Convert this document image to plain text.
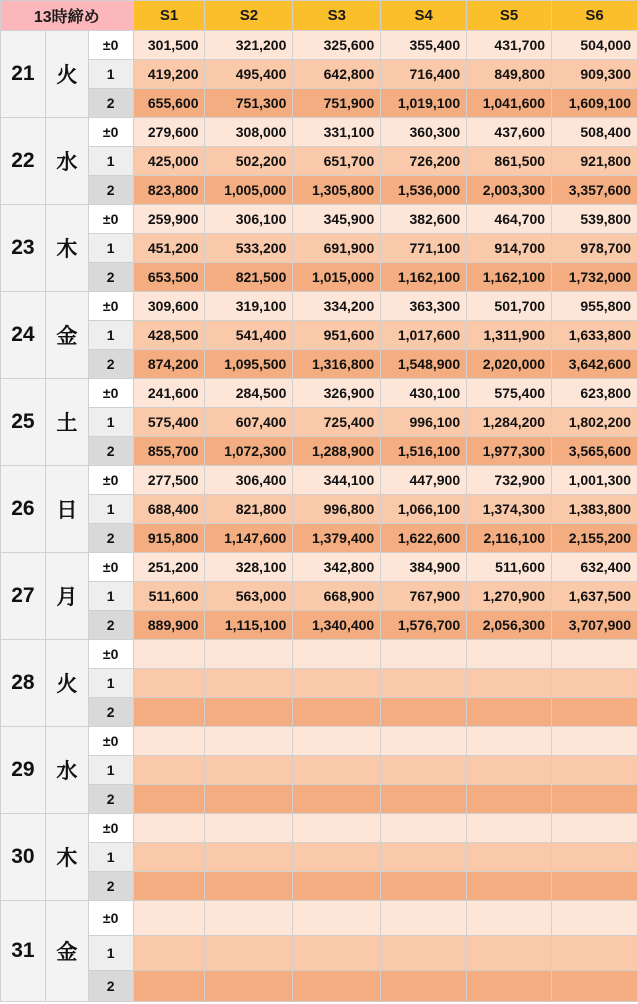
13時締め			S1	S2	S3	S4	S5	S6
21	火	±0	301,500	321,200	325,600	355,400	431,700	504,000
		1	419,200	495,400	642,800	716,400	849,800	909,300
		2	655,600	751,300	751,900	1,019,100	1,041,600	1,609,100
22	水	±0	279,600	308,000	331,100	360,300	437,600	508,400
		1	425,000	502,200	651,700	726,200	861,500	921,800
		2	823,800	1,005,000	1,305,800	1,536,000	2,003,300	3,357,600
23	木	±0	259,900	306,100	345,900	382,600	464,700	539,800
		1	451,200	533,200	691,900	771,100	914,700	978,700
		2	653,500	821,500	1,015,000	1,162,100	1,162,100	1,732,000
24	金	±0	309,600	319,100	334,200	363,300	501,700	955,800
		1	428,500	541,400	951,600	1,017,600	1,311,900	1,633,800
		2	874,200	1,095,500	1,316,800	1,548,900	2,020,000	3,642,600
25	土	±0	241,600	284,500	326,900	430,100	575,400	623,800
		1	575,400	607,400	725,400	996,100	1,284,200	1,802,200
		2	855,700	1,072,300	1,288,900	1,516,100	1,977,300	3,565,600
26	日	±0	277,500	306,400	344,100	447,900	732,900	1,001,300
		1	688,400	821,800	996,800	1,066,100	1,374,300	1,383,800
		2	915,800	1,147,600	1,379,400	1,622,600	2,116,100	2,155,200
27	月	±0	251,200	328,100	342,800	384,900	511,600	632,400
		1	511,600	563,000	668,900	767,900	1,270,900	1,637,500
		2	889,900	1,115,100	1,340,400	1,576,700	2,056,300	3,707,900
28	火	±0						
		1						
		2						
29	水	±0						
		1						
		2						
30	木	±0						
		1						
		2						
31	金	±0						
		1						
		2						
